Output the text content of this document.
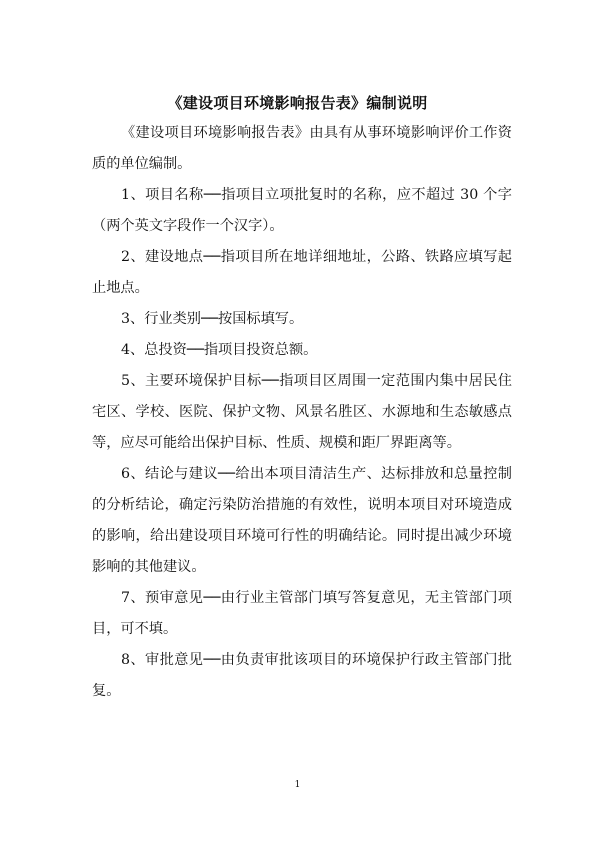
《建设项目环境影响报告表》编制说明

《建设项目环境影响报告表》由具有从事环境影响评价工作资质的单位编制。

1、项目名称──指项目立项批复时的名称，应不超过 30 个字（两个英文字段作一个汉字）。

2、建设地点──指项目所在地详细地址，公路、铁路应填写起止地点。

3、行业类别──按国标填写。

4、总投资──指项目投资总额。

5、主要环境保护目标──指项目区周围一定范围内集中居民住宅区、学校、医院、保护文物、风景名胜区、水源地和生态敏感点等，应尽可能给出保护目标、性质、规模和距厂界距离等。

6、结论与建议──给出本项目清洁生产、达标排放和总量控制的分析结论，确定污染防治措施的有效性，说明本项目对环境造成的影响，给出建设项目环境可行性的明确结论。同时提出减少环境影响的其他建议。

7、预审意见──由行业主管部门填写答复意见，无主管部门项目，可不填。

8、审批意见──由负责审批该项目的环境保护行政主管部门批复。

1
